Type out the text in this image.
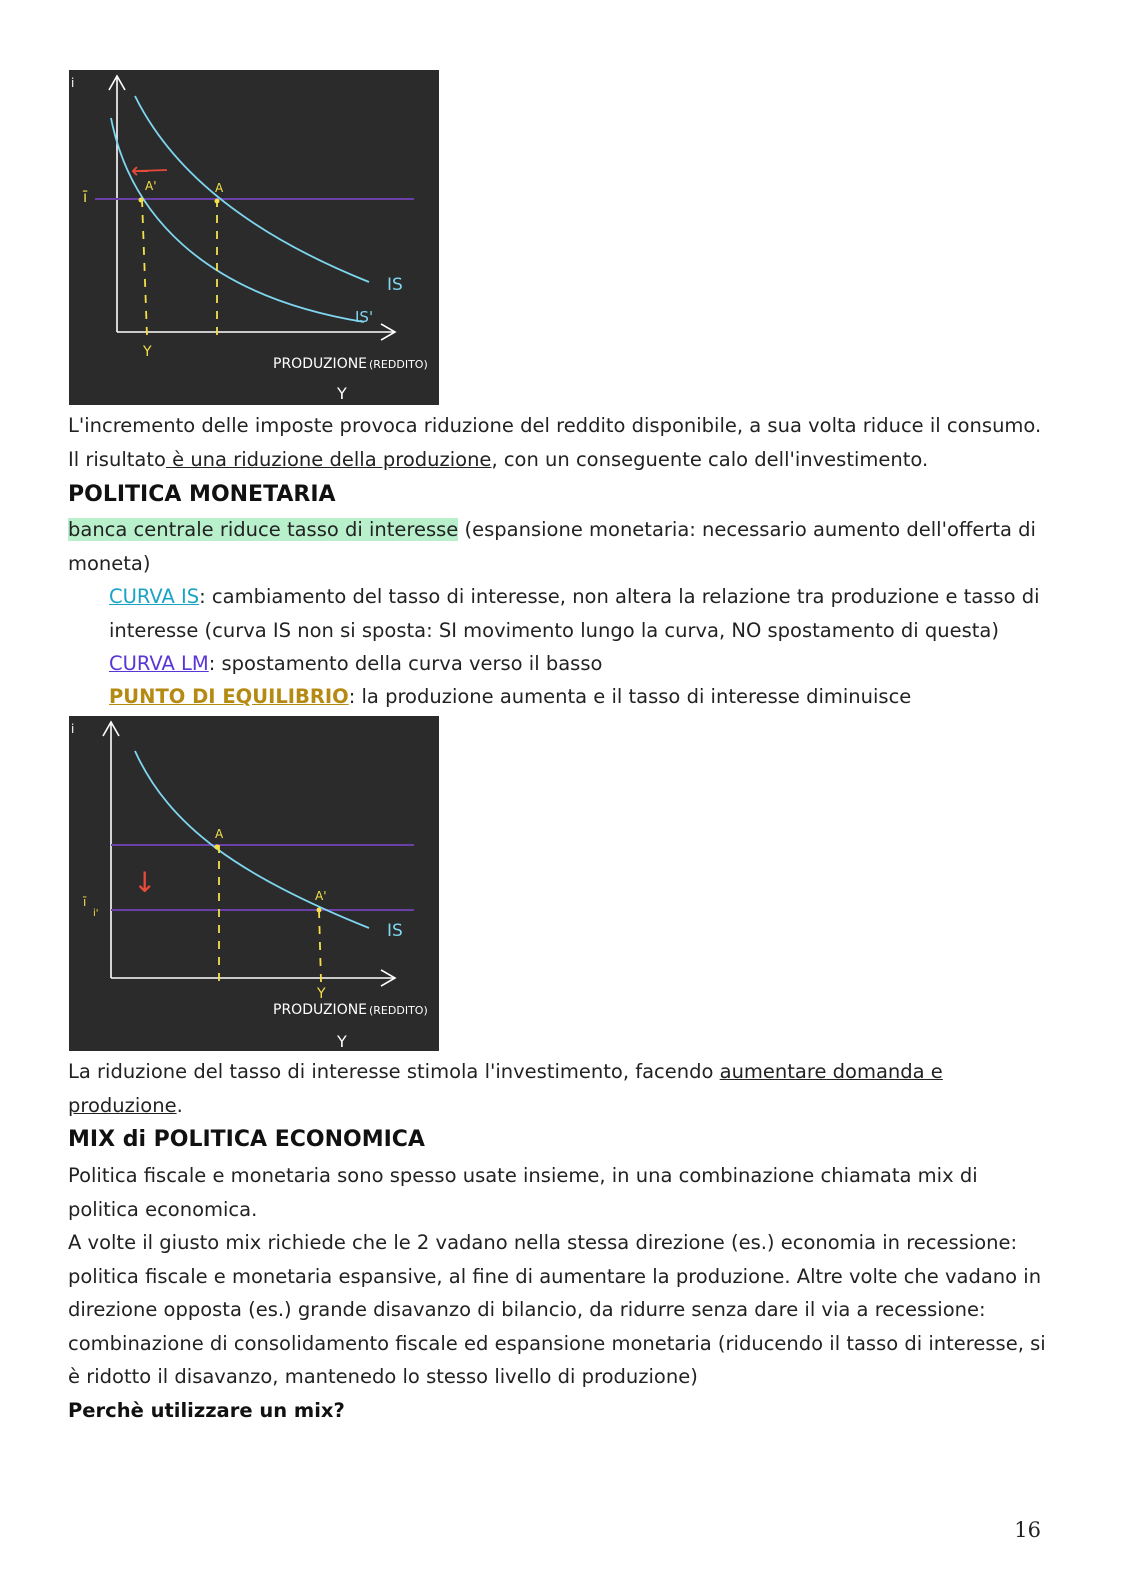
i
ī
←
A
A'
IS
IS'
Y
PRODUZIONE (REDDITO)
Y

L'incremento delle imposte provoca riduzione del reddito disponibile, a sua volta riduce il consumo. Il risultato è una riduzione della produzione, con un conseguente calo dell'investimento.

POLITICA MONETARIA

banca centrale riduce tasso di interesse (espansione monetaria: necessario aumento dell'offerta di moneta)

CURVA IS: cambiamento del tasso di interesse, non altera la relazione tra produzione e tasso di interesse (curva IS non si sposta: SI movimento lungo la curva, NO spostamento di questa)

CURVA LM: spostamento della curva verso il basso

PUNTO DI EQUILIBRIO: la produzione aumenta e il tasso di interesse diminuisce

i
ī
i'
↓
A
A'
IS
Y
PRODUZIONE (REDDITO)
Y

La riduzione del tasso di interesse stimola l'investimento, facendo aumentare domanda e produzione.

MIX di POLITICA ECONOMICA

Politica fiscale e monetaria sono spesso usate insieme, in una combinazione chiamata mix di politica economica.

A volte il giusto mix richiede che le 2 vadano nella stessa direzione (es.) economia in recessione: politica fiscale e monetaria espansive, al fine di aumentare la produzione. Altre volte che vadano in direzione opposta (es.) grande disavanzo di bilancio, da ridurre senza dare il via a recessione: combinazione di consolidamento fiscale ed espansione monetaria (riducendo il tasso di interesse, si è ridotto il disavanzo, mantenedo lo stesso livello di produzione)

Perchè utilizzare un mix?
16
